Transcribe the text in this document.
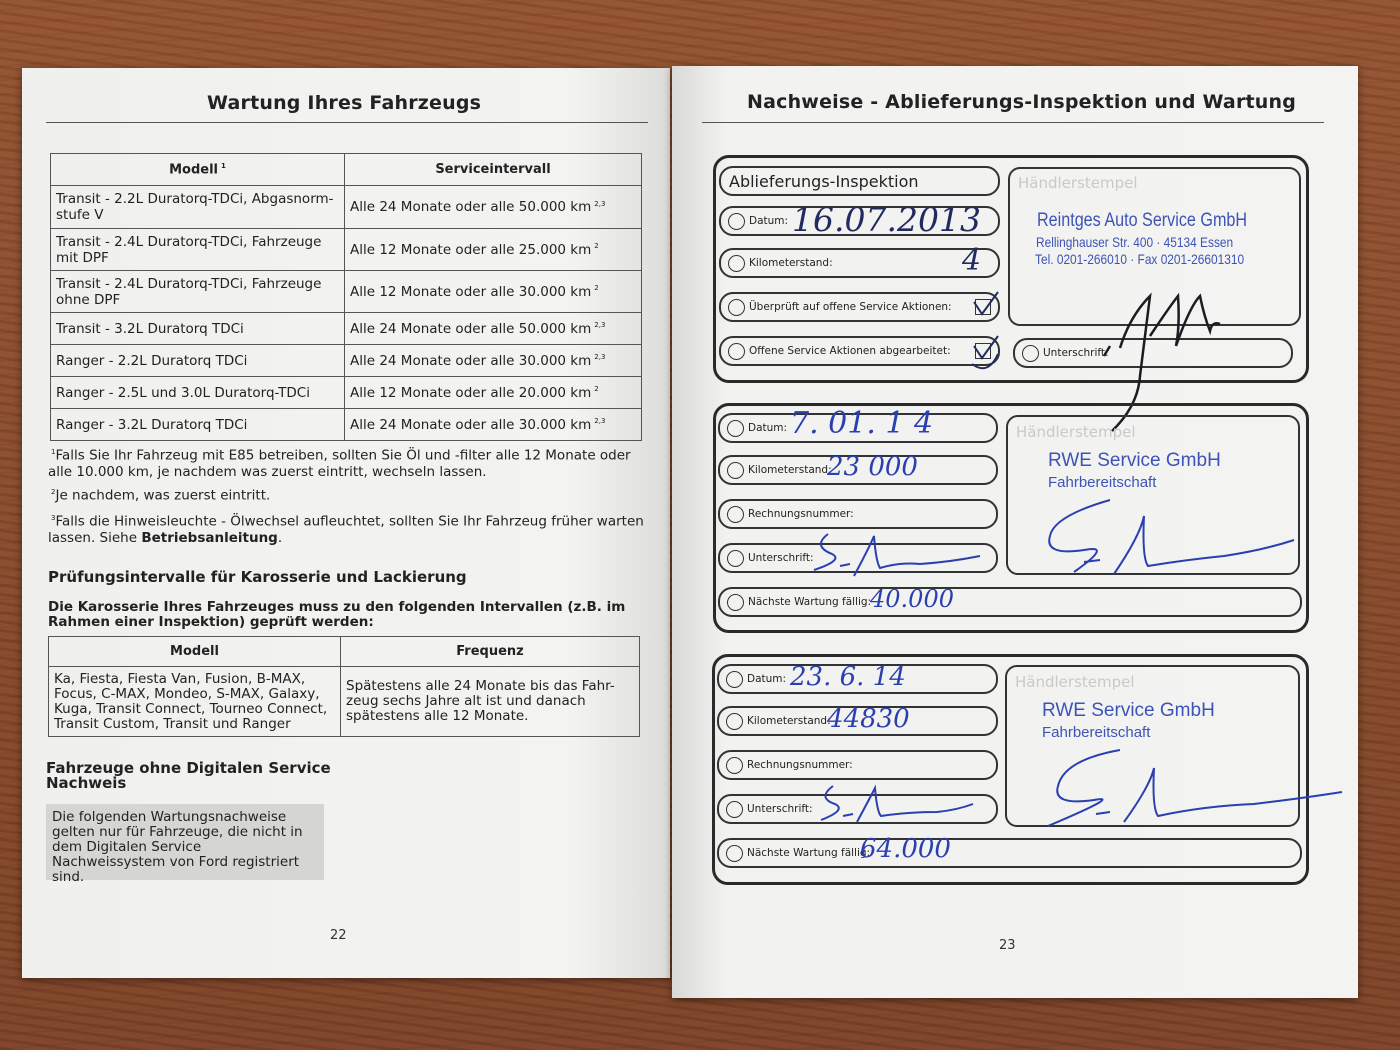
Wartung Ihres Fahrzeugs
Modell $^1$	Serviceintervall
Transit - 2.2L Duratorq-TDCi, Abgasnorm-stufe V	Alle 24 Monate oder alle 50.000 km $^{2,3}$
Transit - 2.4L Duratorq-TDCi, Fahrzeuge mit DPF	Alle 12 Monate oder alle 25.000 km $^2$
Transit - 2.4L Duratorq-TDCi, Fahrzeuge ohne DPF	Alle 12 Monate oder alle 30.000 km $^2$
Transit - 3.2L Duratorq TDCi	Alle 24 Monate oder alle 50.000 km $^{2,3}$
Ranger - 2.2L Duratorq TDCi	Alle 24 Monate oder alle 30.000 km $^{2,3}$
Ranger - 2.5L und 3.0L Duratorq-TDCi	Alle 12 Monate oder alle 20.000 km $^2$
Ranger - 3.2L Duratorq TDCi	Alle 24 Monate oder alle 30.000 km $^{2,3}$
$^1$Falls Sie Ihr Fahrzeug mit E85 betreiben, sollten Sie Öl und -filter alle 12 Monate oder alle 10.000 km, je nachdem was zuerst eintritt, wechseln lassen.
$^2$Je nachdem, was zuerst eintritt.
$^3$Falls die Hinweisleuchte - Ölwechsel aufleuchtet, sollten Sie Ihr Fahrzeug früher warten lassen. Siehe Betriebsanleitung.
Prüfungsintervalle für Karosserie und Lackierung
Die Karosserie Ihres Fahrzeuges muss zu den folgenden Intervallen (z.B. im Rahmen einer Inspektion) geprüft werden:
Modell	Frequenz
Ka, Fiesta, Fiesta Van, Fusion, B-MAX, Focus, C-MAX, Mondeo, S-MAX, Galaxy, Kuga, Transit Connect, Tourneo Connect, Transit Custom, Transit und Ranger	Spätestens alle 24 Monate bis das Fahr-zeug sechs Jahre alt ist und danach spätestens alle 12 Monate.
Fahrzeuge ohne Digitalen Service Nachweis
Die folgenden Wartungsnachweise gelten nur für Fahrzeuge, die nicht in dem Digitalen Service Nachweissystem von Ford registriert sind.
22
Nachweise - Ablieferungs-Inspektion und Wartung
Ablieferungs-Inspektion
Datum: 16.07.2013
Kilometerstand:	4
Überprüft auf offene Service Aktionen:
Offene Service Aktionen abgearbeitet:
Händlerstempel
Reintges Auto Service GmbH
Rellinghauser Str. 400 · 45134 Essen
Tel. 0201-266010 · Fax 0201-26601310
Unterschrift:
Datum: 7. 01. 1 4
Kilometerstand:
23 000
Rechnungsnummer:
Unterschrift:
Nächste Wartung fällig:
40.000
Händlerstempel
RWE Service GmbH
Fahrbereitschaft
Datum: 23. 6. 14
Kilometerstand:
44830
Rechnungsnummer:
Unterschrift:
Nächste Wartung fällig:
64.000
Händlerstempel
RWE Service GmbH
Fahrbereitschaft
23
